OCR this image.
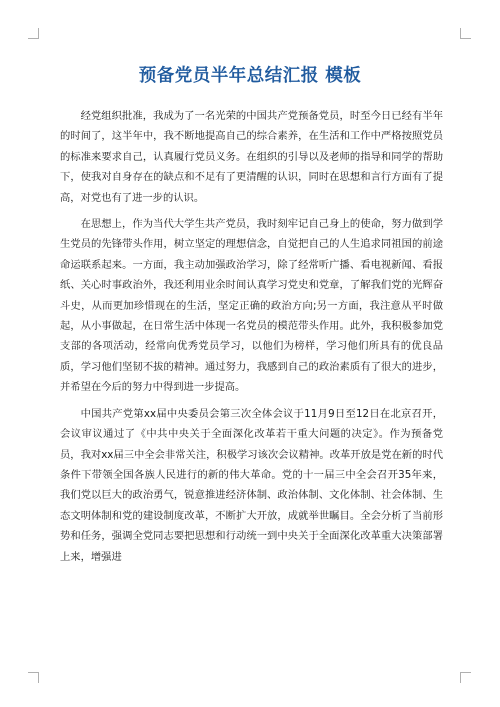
预备党员半年总结汇报 模板

经党组织批准，我成为了一名光荣的中国共产党预备党员，时至今日已经有半年的时间了，这半年中，我不断地提高自己的综合素养，在生活和工作中严格按照党员的标准来要求自己，认真履行党员义务。在组织的引导以及老师的指导和同学的帮助下，使我对自身存在的缺点和不足有了更清醒的认识，同时在思想和言行方面有了提高，对党也有了进一步的认识。

在思想上，作为当代大学生共产党员，我时刻牢记自己身上的使命，努力做到学生党员的先锋带头作用，树立坚定的理想信念，自觉把自己的人生追求同祖国的前途命运联系起来。一方面，我主动加强政治学习，除了经常听广播、看电视新闻、看报纸、关心时事政治外，我还利用业余时间认真学习党史和党章，了解我们党的光辉奋斗史，从而更加珍惜现在的生活，坚定正确的政治方向;另一方面，我注意从平时做起，从小事做起，在日常生活中体现一名党员的模范带头作用。此外，我积极参加党支部的各项活动，经常向优秀党员学习，以他们为榜样，学习他们所具有的优良品质，学习他们坚韧不拔的精神。通过努力，我感到自己的政治素质有了很大的进步，并希望在今后的努力中得到进一步提高。

中国共产党第xx届中央委员会第三次全体会议于11月9日至12日在北京召开，会议审议通过了《中共中央关于全面深化改革若干重大问题的决定》。作为预备党员，我对xx届三中全会非常关注，积极学习该次会议精神。改革开放是党在新的时代条件下带领全国各族人民进行的新的伟大革命。党的十一届三中全会召开35年来，我们党以巨大的政治勇气，锐意推进经济体制、政治体制、文化体制、社会体制、生态文明体制和党的建设制度改革，不断扩大开放，成就举世瞩目。全会分析了当前形势和任务，强调全党同志要把思想和行动统一到中央关于全面深化改革重大决策部署上来，增强进
